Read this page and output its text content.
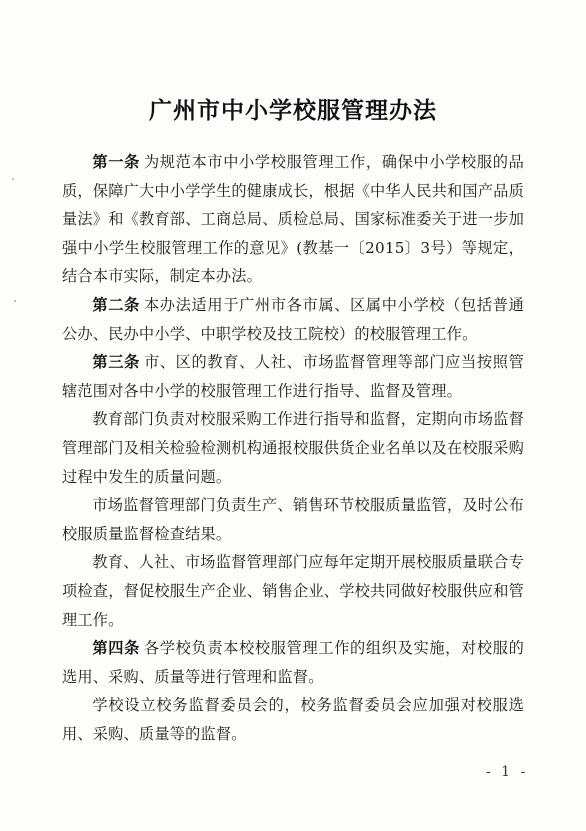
广州市中小学校服管理办法

第一条 为规范本市中小学校服管理工作，确保中小学校服的品质，保障广大中小学学生的健康成长，根据《中华人民共和国产品质量法》和《教育部、工商总局、质检总局、国家标准委关于进一步加强中小学生校服管理工作的意见》(教基一〔2015〕3号）等规定，结合本市实际，制定本办法。

第二条 本办法适用于广州市各市属、区属中小学校（包括普通公办、民办中小学、中职学校及技工院校）的校服管理工作。

第三条 市、区的教育、人社、市场监督管理等部门应当按照管辖范围对各中小学的校服管理工作进行指导、监督及管理。

教育部门负责对校服采购工作进行指导和监督，定期向市场监督管理部门及相关检验检测机构通报校服供货企业名单以及在校服采购过程中发生的质量问题。

市场监督管理部门负责生产、销售环节校服质量监管，及时公布校服质量监督检查结果。

教育、人社、市场监督管理部门应每年定期开展校服质量联合专项检查，督促校服生产企业、销售企业、学校共同做好校服供应和管理工作。

第四条 各学校负责本校校服管理工作的组织及实施，对校服的选用、采购、质量等进行管理和监督。

学校设立校务监督委员会的，校务监督委员会应加强对校服选用、采购、质量等的监督。

- 1 -
